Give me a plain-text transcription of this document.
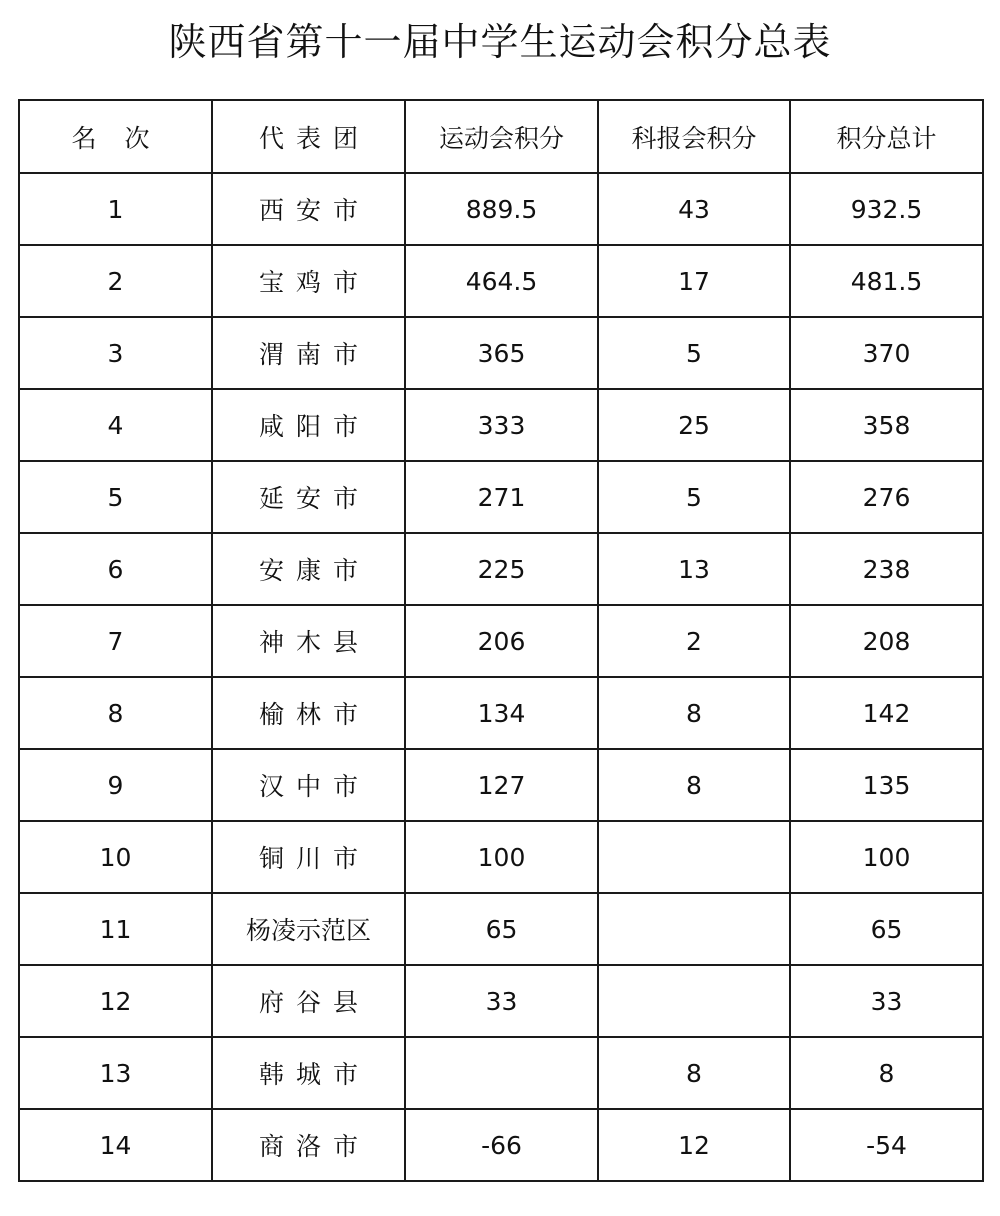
陕西省第十一届中学生运动会积分总表
名 次	代表团	运动会积分	科报会积分	积分总计
1	西安市	889.5	43	932.5
2	宝鸡市	464.5	17	481.5
3	渭南市	365	5	370
4	咸阳市	333	25	358
5	延安市	271	5	276
6	安康市	225	13	238
7	神木县	206	2	208
8	榆林市	134	8	142
9	汉中市	127	8	135
10	铜川市	100		100
11	杨凌示范区	65		65
12	府谷县	33		33
13	韩城市		8	8
14	商洛市	-66	12	-54
